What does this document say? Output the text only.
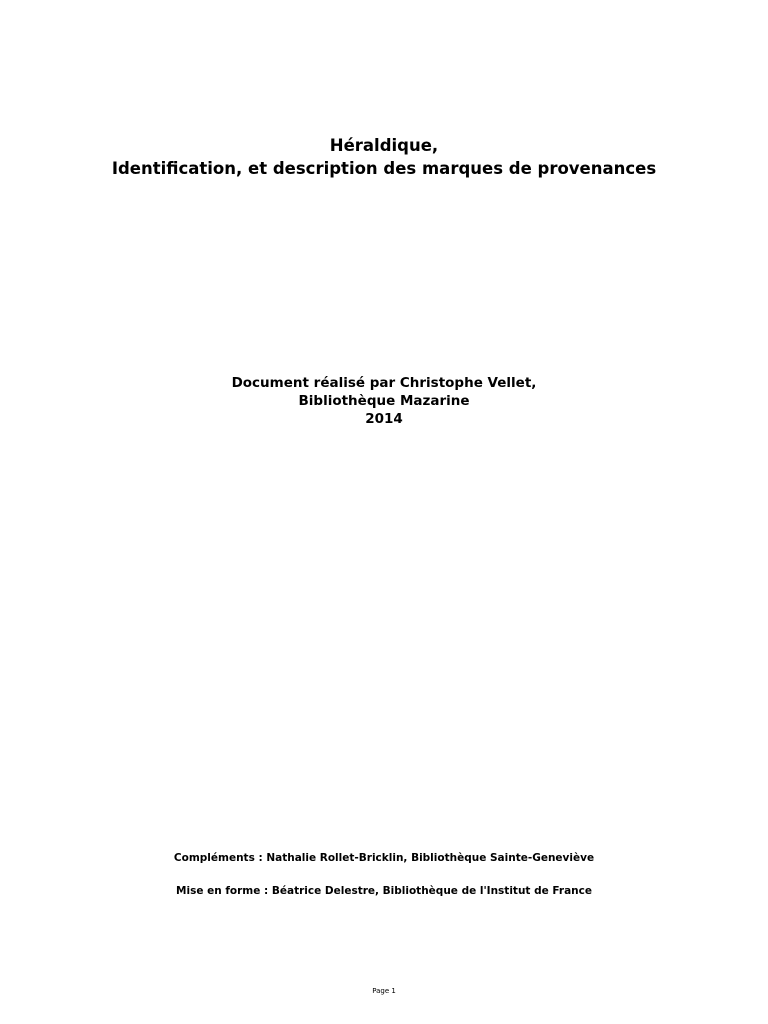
Héraldique,
Identification, et description des marques de provenances
Document réalisé par Christophe Vellet,
Bibliothèque Mazarine
2014
Compléments : Nathalie Rollet-Bricklin, Bibliothèque Sainte-Geneviève
Mise en forme : Béatrice Delestre, Bibliothèque de l'Institut de France
Page 1
